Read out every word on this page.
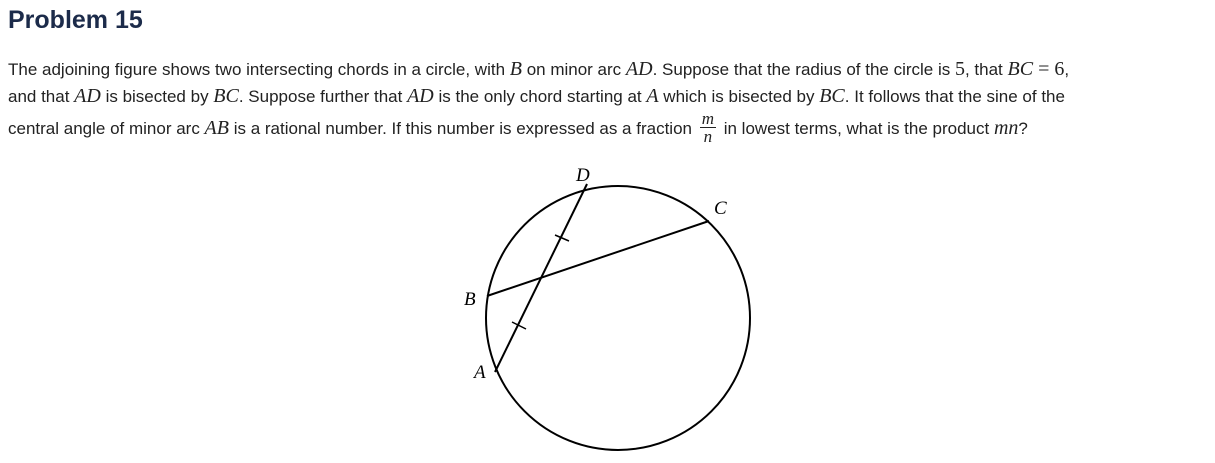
Problem 15
The adjoining figure shows two intersecting chords in a circle, with B on minor arc AD. Suppose that the radius of the circle is 5, that BC = 6,
and that AD is bisected by BC. Suppose further that AD is the only chord starting at A which is bisected by BC. It follows that the sine of the
central angle of minor arc AB is a rational number. If this number is expressed as a fraction $\frac{m}{n}$ in lowest terms, what is the product mn?
D
C
B
A
